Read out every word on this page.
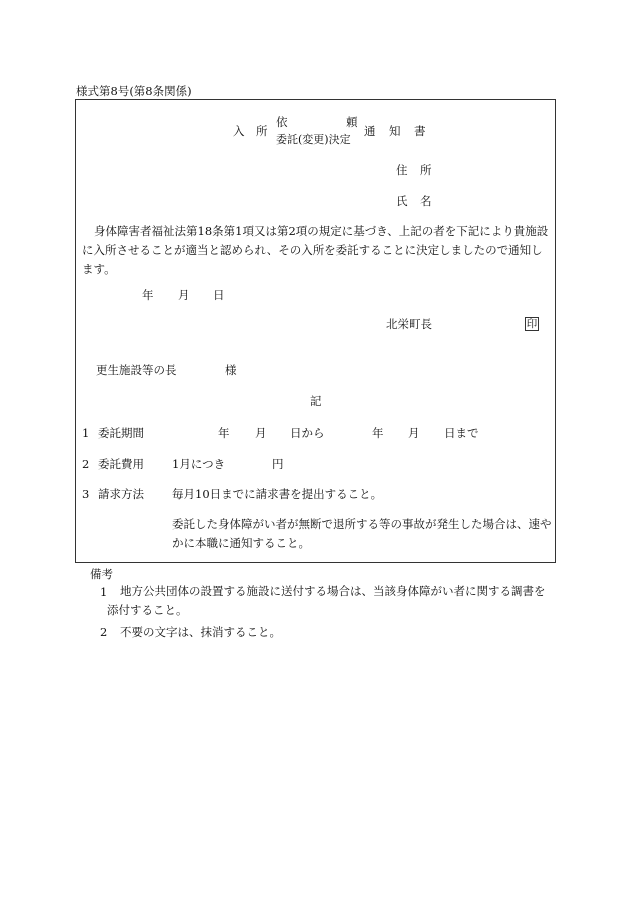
様式第8号(第8条関係)
入 所
依	頼
委託(変更)決定
通 知 書
住 所
氏 名
身体障害者福祉法第18条第1項又は第2項の規定に基づき、上記の者を下記により貴施設に入所させることが適当と認められ、その入所を委託することに決定しましたので通知します。
年 月 日
北栄町長	印
更生施設等の長	様
記
1 委託期間	年 月 日から	年 月 日まで
2 委託費用 1月につき	円
3 請求方法 毎月10日までに請求書を提出すること。
委託した身体障がい者が無断で退所する等の事故が発生した場合は、速やかに本職に通知すること。
備考
1	地方公共団体の設置する施設に送付する場合は、当該身体障がい者に関する調書を添付すること。
2 不要の文字は、抹消すること。
